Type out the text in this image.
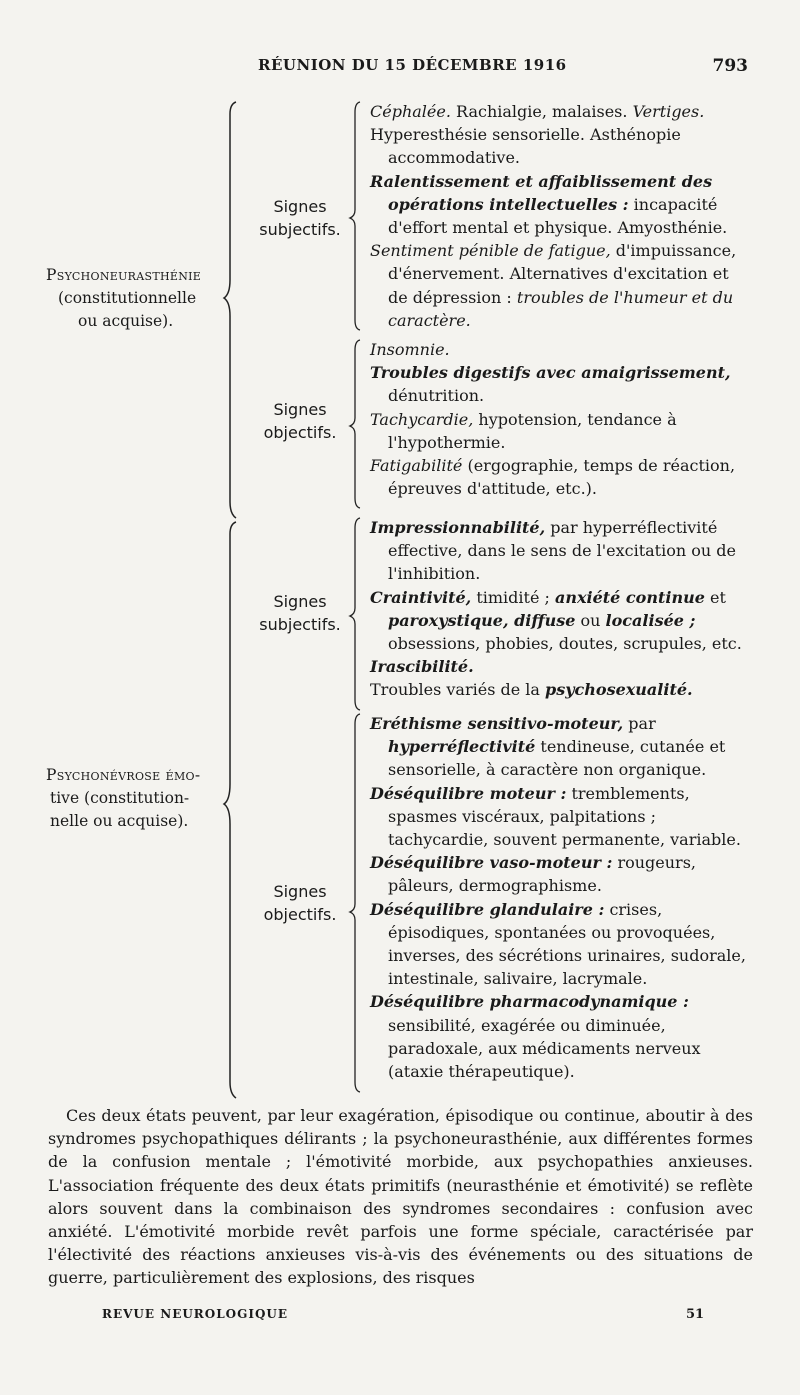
RÉUNION DU 15 DÉCEMBRE 1916	793
Psychoneurasthénie
(constitutionnelle
ou acquise).
Psychonévrose émo-
tive (constitution-
nelle ou acquise).
Signes
subjectifs.
Signes
objectifs.
Signes
subjectifs.
Signes
objectifs.

Céphalée. Rachialgie, malaises. Vertiges.

Hyperesthésie sensorielle. Asthénopie accommodative.

Ralentissement et affaiblissement des opérations intellectuelles : incapacité d'effort mental et physique. Amyosthénie.

Sentiment pénible de fatigue, d'impuissance, d'énervement. Alternatives d'excitation et de dépression : troubles de l'humeur et du caractère.

Insomnie.

Troubles digestifs avec amaigrissement, dénutrition.

Tachycardie, hypotension, tendance à l'hypothermie.

Fatigabilité (ergographie, temps de réaction, épreuves d'attitude, etc.).

Impressionnabilité, par hyperréflectivité effective, dans le sens de l'excitation ou de l'inhibition.

Craintivité, timidité ; anxiété continue et paroxystique, diffuse ou localisée ; obsessions, phobies, doutes, scrupules, etc.

Irascibilité.

Troubles variés de la psychosexualité.

Eréthisme sensitivo-moteur, par hyperréflectivité tendineuse, cutanée et sensorielle, à caractère non organique.

Déséquilibre moteur : tremblements, spasmes viscéraux, palpitations ; tachycardie, souvent permanente, variable.

Déséquilibre vaso-moteur : rougeurs, pâleurs, dermographisme.

Déséquilibre glandulaire : crises, épisodiques, spontanées ou provoquées, inverses, des sécrétions urinaires, sudorale, intestinale, salivaire, lacrymale.

Déséquilibre pharmacodynamique : sensibilité, exagérée ou diminuée, paradoxale, aux médicaments nerveux (ataxie thérapeutique).

Ces deux états peuvent, par leur exagération, épisodique ou continue, aboutir à des syndromes psychopathiques délirants ; la psychoneurasthénie, aux différentes formes de la confusion mentale ; l'émotivité morbide, aux psychopathies anxieuses. L'association fréquente des deux états primitifs (neurasthénie et émotivité) se reflète alors souvent dans la combinaison des syndromes secondaires : confusion avec anxiété. L'émotivité morbide revêt parfois une forme spéciale, caractérisée par l'électivité des réactions anxieuses vis-à-vis des événements ou des situations de guerre, particulièrement des explosions, des risques

REVUE NEUROLOGIQUE	51
